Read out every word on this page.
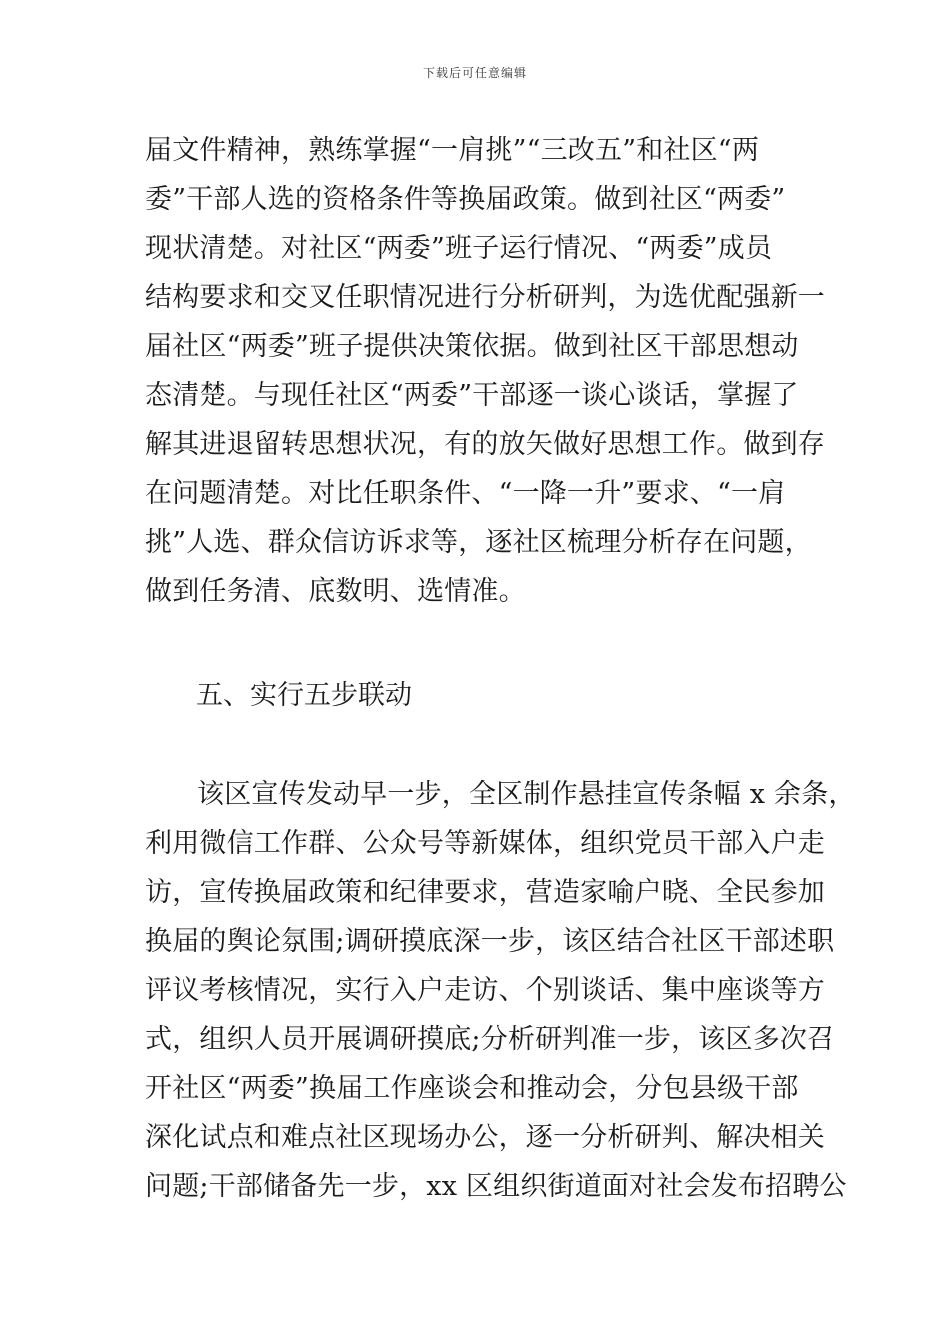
下载后可任意编辑
届文件精神，熟练掌握“一肩挑”“三改五”和社区“两
委”干部人选的资格条件等换届政策。做到社区“两委”
现状清楚。对社区“两委”班子运行情况、“两委”成员
结构要求和交叉任职情况进行分析研判，为选优配强新一
届社区“两委”班子提供决策依据。做到社区干部思想动
态清楚。与现任社区“两委”干部逐一谈心谈话，掌握了
解其进退留转思想状况，有的放矢做好思想工作。做到存
在问题清楚。对比任职条件、“一降一升”要求、“一肩
挑”人选、群众信访诉求等，逐社区梳理分析存在问题，
做到任务清、底数明、选情准。
五、实行五步联动
该区宣传发动早一步，全区制作悬挂宣传条幅 x 余条，
利用微信工作群、公众号等新媒体，组织党员干部入户走
访，宣传换届政策和纪律要求，营造家喻户晓、全民参加
换届的舆论氛围;调研摸底深一步，该区结合社区干部述职
评议考核情况，实行入户走访、个别谈话、集中座谈等方
式，组织人员开展调研摸底;分析研判准一步，该区多次召
开社区“两委”换届工作座谈会和推动会，分包县级干部
深化试点和难点社区现场办公，逐一分析研判、解决相关
问题;干部储备先一步，xx 区组织街道面对社会发布招聘公
